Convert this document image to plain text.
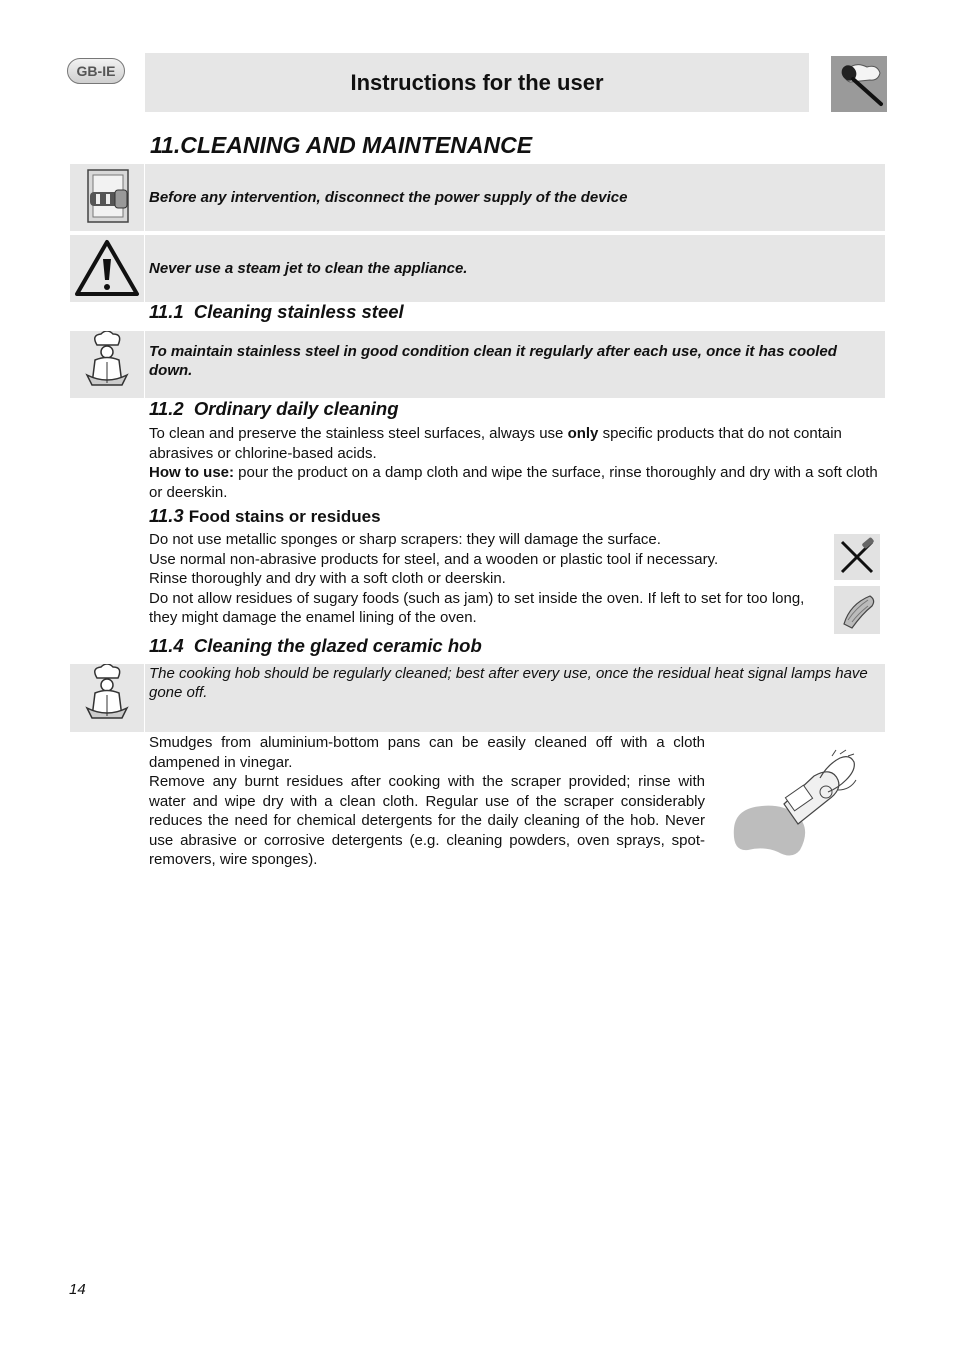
GB-IE	Instructions for the user
11.CLEANING AND MAINTENANCE
Before any intervention, disconnect the power supply of the device
Never use a steam jet to clean the appliance.
11.1 Cleaning stainless steel
To maintain stainless steel in good condition clean it regularly after each use, once it has cooled down.
11.2 Ordinary daily cleaning
To clean and preserve the stainless steel surfaces, always use only specific products that do not contain abrasives or chlorine-based acids.
How to use: pour the product on a damp cloth and wipe the surface, rinse thoroughly and dry with a soft cloth or deerskin.
11.3 Food stains or residues
Do not use metallic sponges or sharp scrapers: they will damage the surface.
Use normal non-abrasive products for steel, and a wooden or plastic tool if necessary.
Rinse thoroughly and dry with a soft cloth or deerskin.
Do not allow residues of sugary foods (such as jam) to set inside the oven. If left to set for too long, they might damage the enamel lining of the oven.
11.4 Cleaning the glazed ceramic hob
The cooking hob should be regularly cleaned; best after every use, once the residual heat signal lamps have gone off.
Smudges from aluminium-bottom pans can be easily cleaned off with a cloth dampened in vinegar.
Remove any burnt residues after cooking with the scraper provided; rinse with water and wipe dry with a clean cloth. Regular use of the scraper considerably reduces the need for chemical detergents for the daily cleaning of the hob. Never use abrasive or corrosive detergents (e.g. cleaning powders, oven sprays, spot-removers, wire sponges).
14
